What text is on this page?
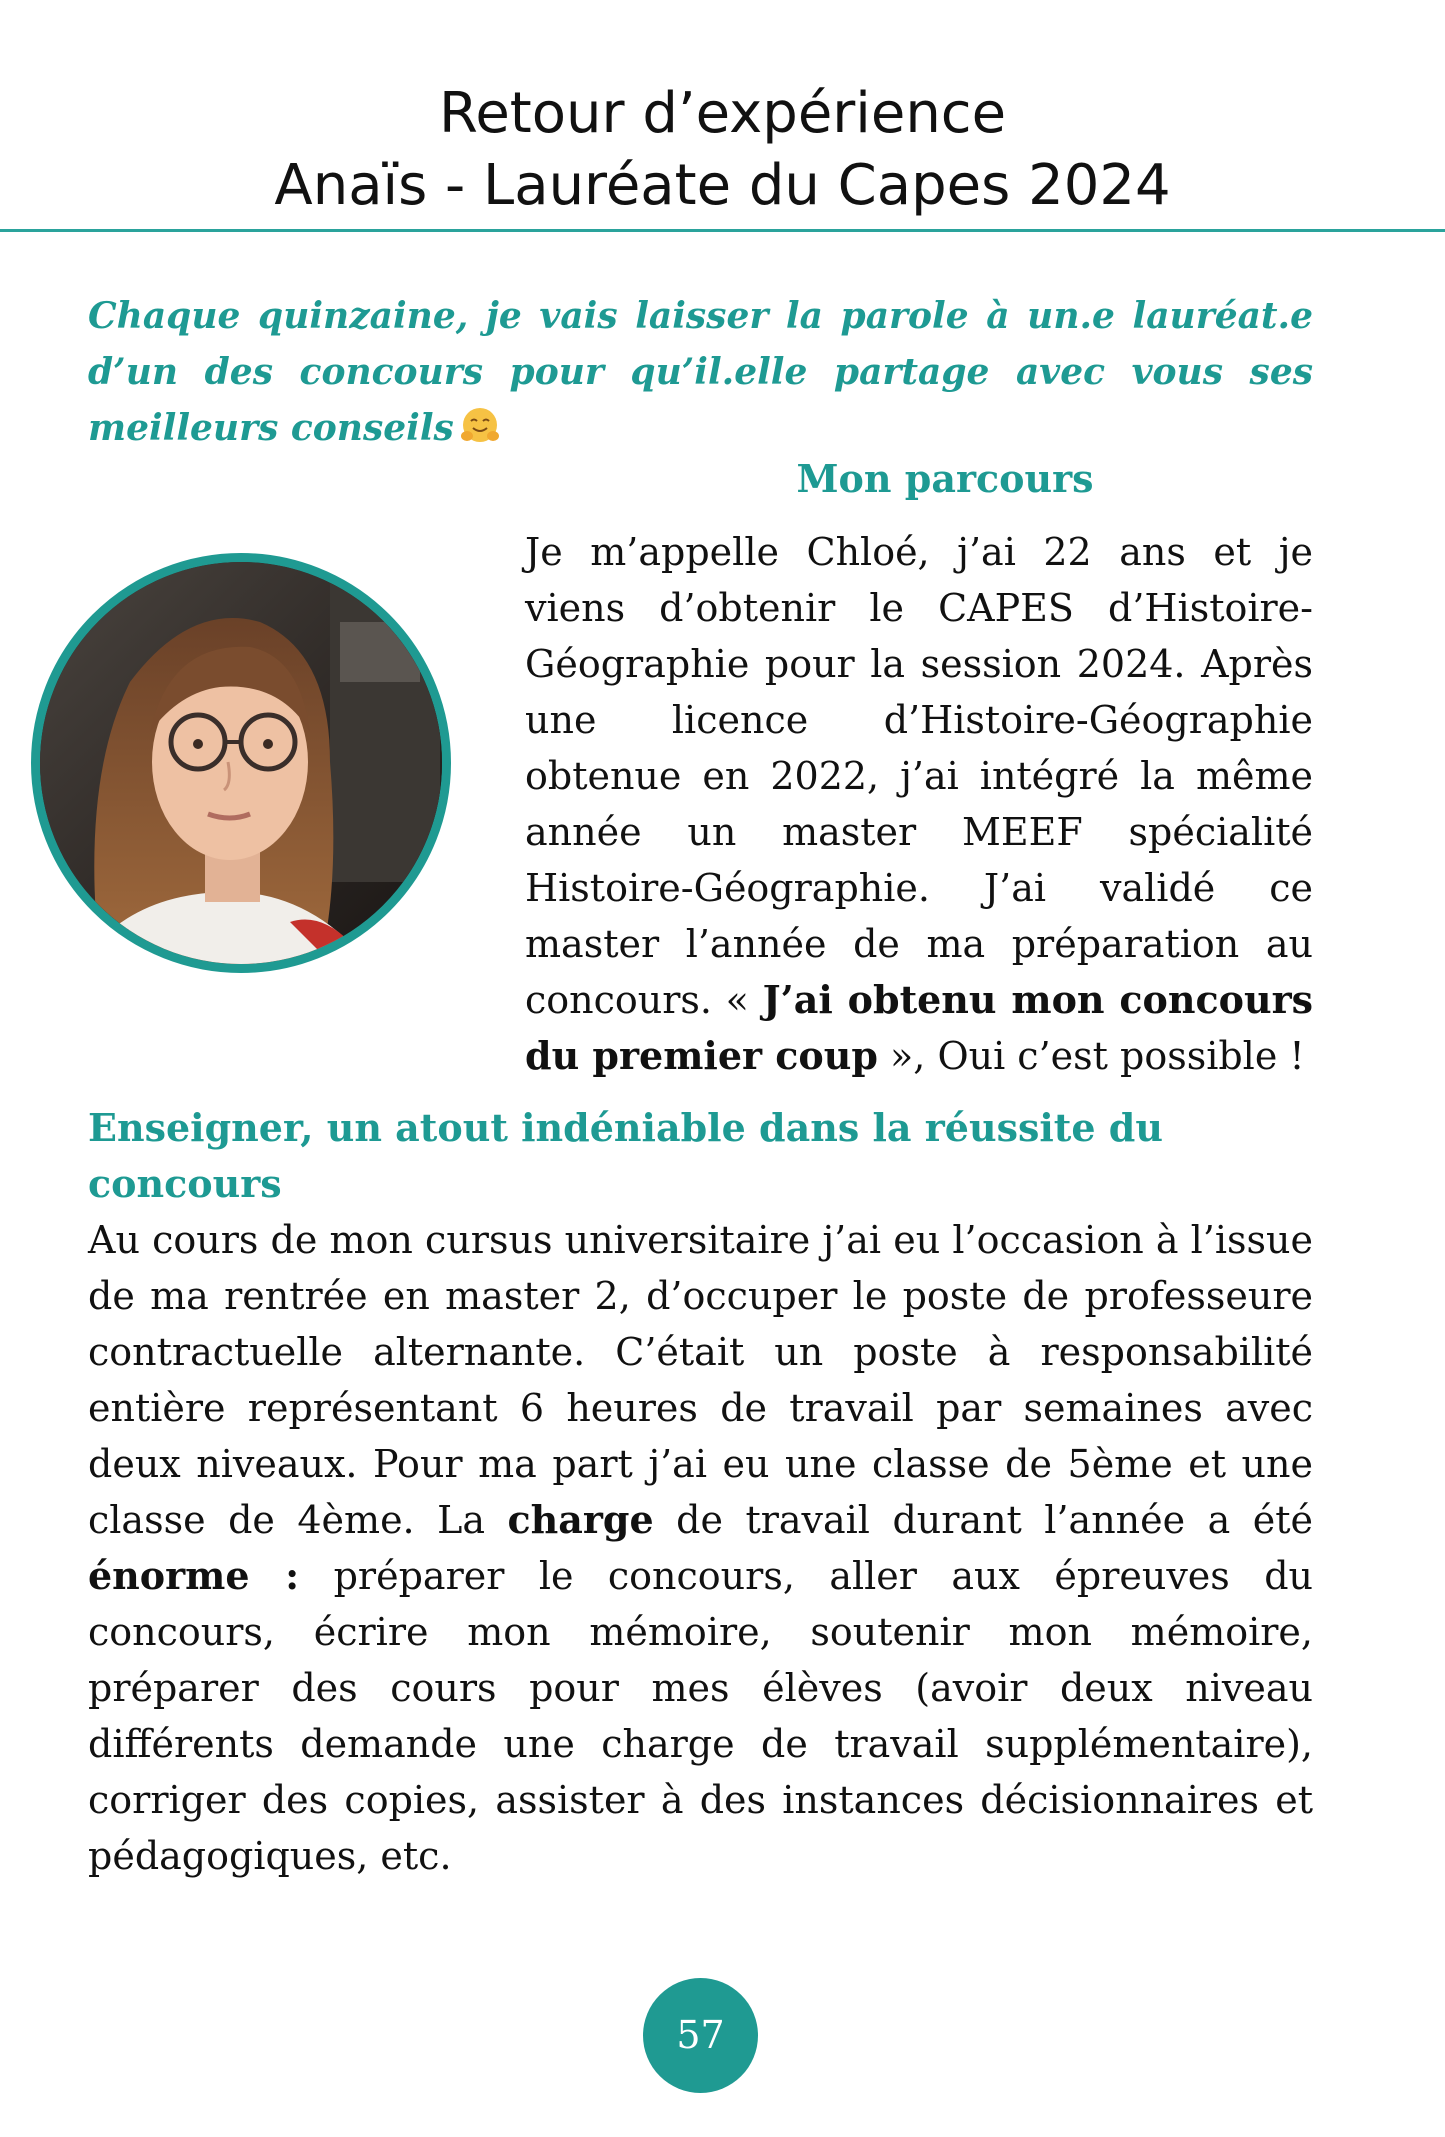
Retour d’expérience
Anaïs - Lauréate du Capes 2024
Chaque quinzaine, je vais laisser la parole à un.e lauréat.e d’un des concours pour qu’il.elle partage avec vous ses meilleurs conseils
Mon parcours
Je m’appelle Chloé, j’ai 22 ans et je viens d’obtenir le CAPES d’Histoire-Géographie pour la session 2024. Après une licence d’Histoire-Géographie obtenue en 2022, j’ai intégré la même année un master MEEF spécialité Histoire-Géographie. J’ai validé ce master l’année de ma préparation au concours. « J’ai obtenu mon concours du premier coup », Oui c’est possible !
Enseigner, un atout indéniable dans la réussite du concours
Au cours de mon cursus universitaire j’ai eu l’occasion à l’issue de ma rentrée en master 2, d’occuper le poste de professeure contractuelle alternante. C’était un poste à responsabilité entière représentant 6 heures de travail par semaines avec deux niveaux. Pour ma part j’ai eu une classe de 5ème et une classe de 4ème. La charge de travail durant l’année a été énorme : préparer le concours, aller aux épreuves du concours, écrire mon mémoire, soutenir mon mémoire, préparer des cours pour mes élèves (avoir deux niveau différents demande une charge de travail supplémentaire), corriger des copies, assister à des instances décisionnaires et pédagogiques, etc.
57
